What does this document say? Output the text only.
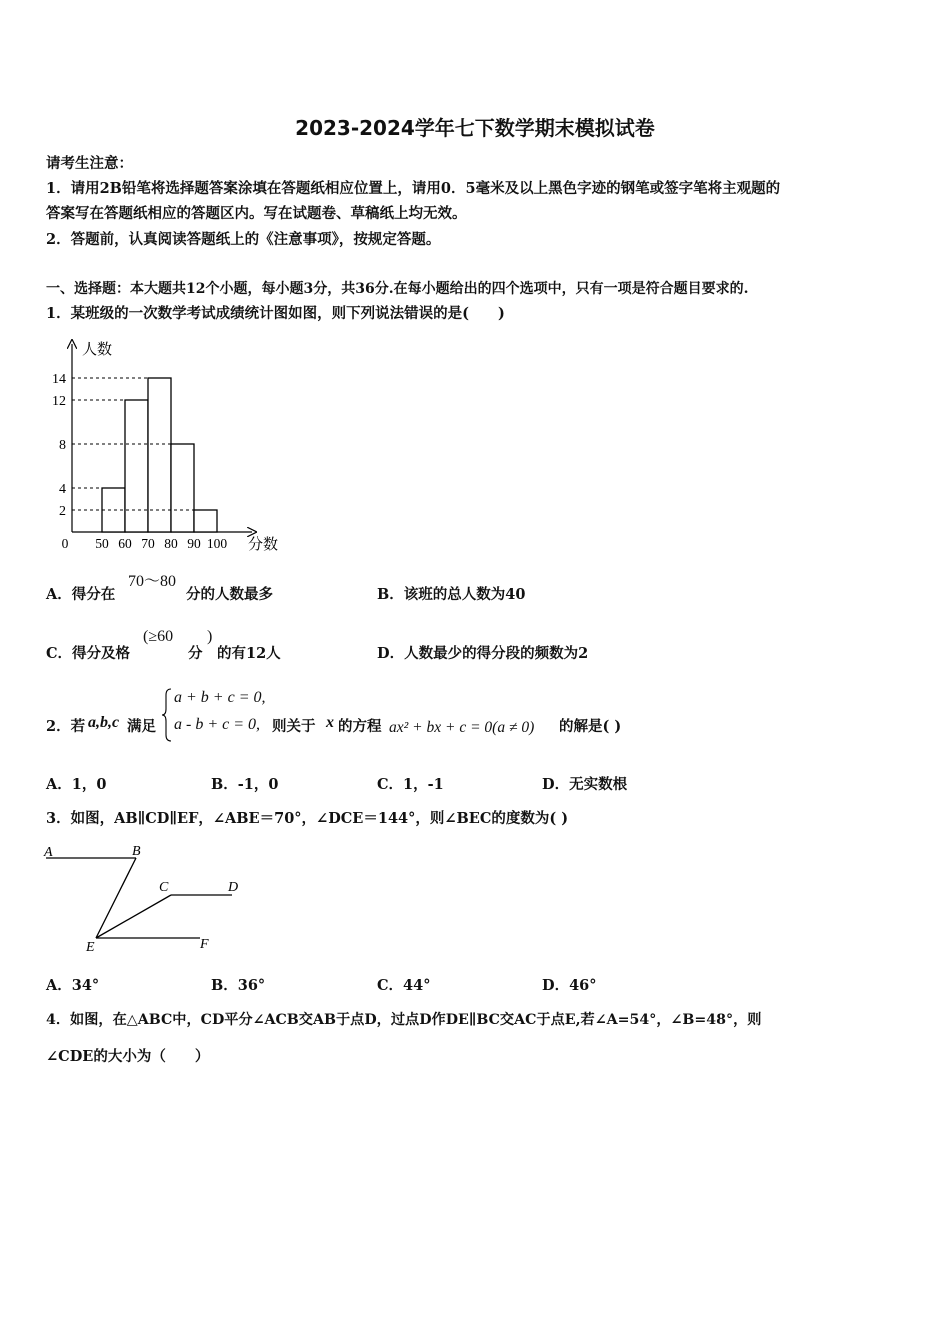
2023-2024学年七下数学期末模拟试卷
请考生注意：
1．请用2B铅笔将选择题答案涂填在答题纸相应位置上，请用0．5毫米及以上黑色字迹的钢笔或签字笔将主观题的
答案写在答题纸相应的答题区内。写在试题卷、草稿纸上均无效。
2．答题前，认真阅读答题纸上的《注意事项》，按规定答题。
一、选择题：本大题共12个小题，每小题3分，共36分.在每小题给出的四个选项中，只有一项是符合题目要求的.
1．某班级的一次数学考试成绩统计图如图，则下列说法错误的是(　　)
人数
分数
2
4
8
12
14
0 50 60 70 80 90 100
A．得分在
70～80
分的人数最多	B．该班的总人数为40
C．得分及格
(≥60
分
)
的有12人	D．人数最少的得分段的频数为2
2．若 a,b,c 满足
a + b + c = 0,
a - b + c = 0, 则关于 x 的方程 ax² + bx + c = 0(a ≠ 0) 的解是( )
A．1，0	B．-1，0	C．1，-1	D．无实数根
3．如图，AB∥CD∥EF，∠ABE＝70°，∠DCE＝144°，则∠BEC的度数为( )
A	B
C	D
E	F
A．34°	B．36°	C．44°	D．46°
4．如图，在△ABC中，CD平分∠ACB交AB于点D，过点D作DE∥BC交AC于点E,若∠A=54°，∠B=48°，则
∠CDE的大小为（　　）
